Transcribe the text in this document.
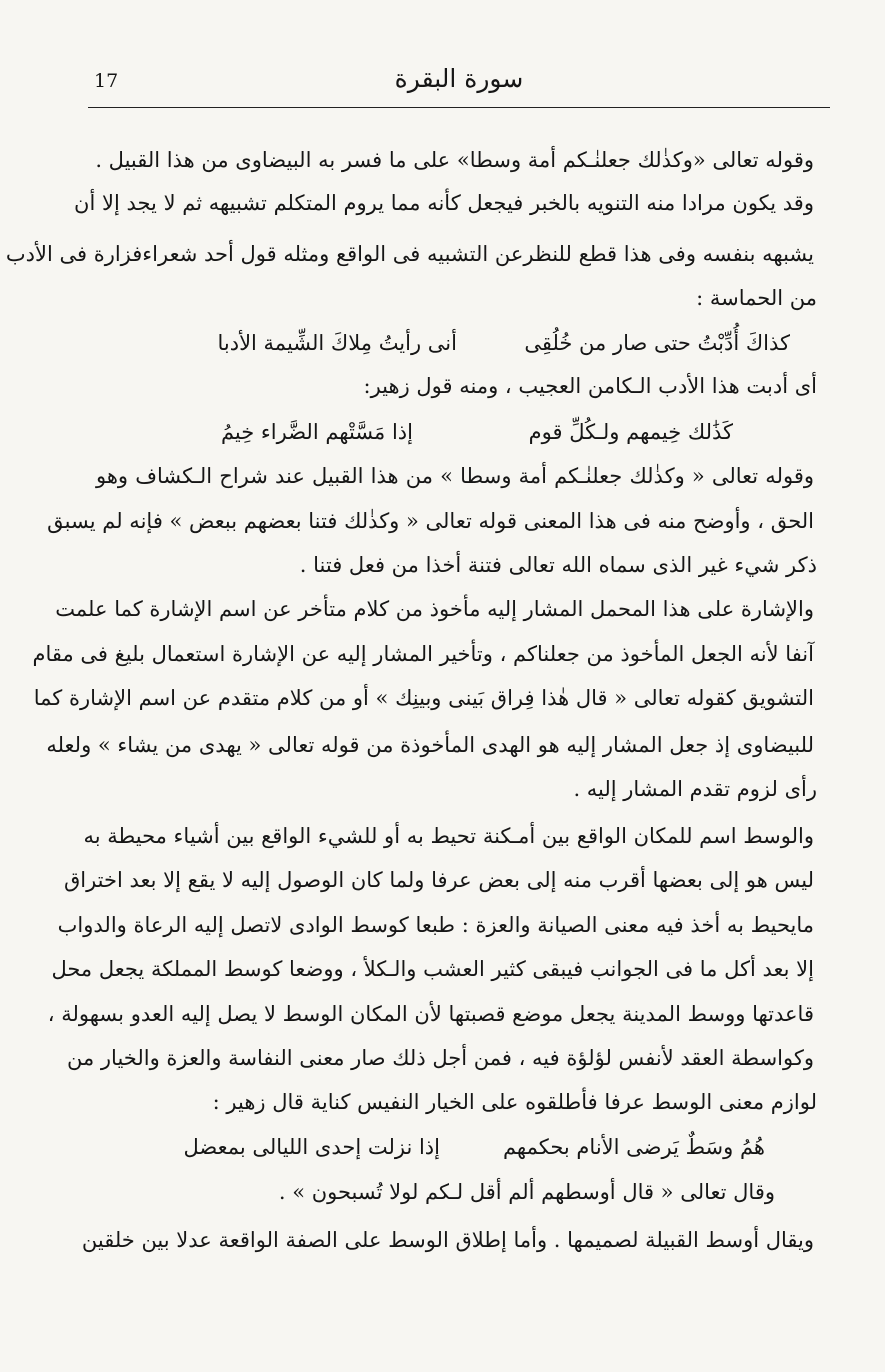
17	سورة البقرة
وقوله تعالى «وكذٰلك جعلنٰـكم أمة وسطا» على ما فسر به البيضاوى من هذا القبيل .
وقد يكون مرادا منه التنويه بالخبر فيجعل كأنه مما يروم المتكلم تشبيهه ثم لا يجد إلا أن
يشبهه بنفسه وفى هذا قطع للنظرعن التشبيه فى الواقع ومثله قول أحد شعراءفزارة فى الأدب
من الحماسة :
كذاكَ أُدِّبْتُ حتى صار من خُلُقِى
أنى رأيتُ مِلاكَ الشِّيمة الأدبا
أى أدبت هذا الأدب الـكامن العجيب ، ومنه قول زهير:
كَذَٰلك خِيمهم ولـكُلِّ قوم
إذا مَسَّتْهم الضَّراء خِيمُ
وقوله تعالى « وكذٰلك جعلنٰـكم أمة وسطا » من هذا القبيل عند شراح الـكشاف وهو
الحق ، وأوضح منه فى هذا المعنى قوله تعالى « وكذٰلك فتنا بعضهم ببعض » فإنه لم يسبق
ذكر شيء غير الذى سماه الله تعالى فتنة أخذا من فعل فتنا .
والإشارة على هذا المحمل المشار إليه مأخوذ من كلام متأخر عن اسم الإشارة كما علمت
آنفا لأنه الجعل المأخوذ من جعلناكم ، وتأخير المشار إليه عن الإشارة استعمال بليغ فى مقام
التشويق كقوله تعالى « قال هٰذا فِراق بَينى وبينِك » أو من كلام متقدم عن اسم الإشارة كما
للبيضاوى إذ جعل المشار إليه هو الهدى المأخوذة من قوله تعالى « يهدى من يشاء » ولعله
رأى لزوم تقدم المشار إليه .
والوسط اسم للمكان الواقع بين أمـكنة تحيط به أو للشيء الواقع بين أشياء محيطة به
ليس هو إلى بعضها أقرب منه إلى بعض عرفا ولما كان الوصول إليه لا يقع إلا بعد اختراق
مايحيط به أخذ فيه معنى الصيانة والعزة : طبعا كوسط الوادى لاتصل إليه الرعاة والدواب
إلا بعد أكل ما فى الجوانب فيبقى كثير العشب والـكلأ ، ووضعا كوسط المملكة يجعل محل
قاعدتها ووسط المدينة يجعل موضع قصبتها لأن المكان الوسط لا يصل إليه العدو بسهولة ،
وكواسطة العقد لأنفس لؤلؤة فيه ، فمن أجل ذلك صار معنى النفاسة والعزة والخيار من
لوازم معنى الوسط عرفا فأطلقوه على الخيار النفيس كناية قال زهير :
هُمُ وسَطٌ يَرضى الأنام بحكمهم
إذا نزلت إحدى الليالى بمعضل
وقال تعالى « قال أوسطهم ألم أقل لـكم لولا تُسبحون » .
ويقال أوسط القبيلة لصميمها . وأما إطلاق الوسط على الصفة الواقعة عدلا بين خلقين
